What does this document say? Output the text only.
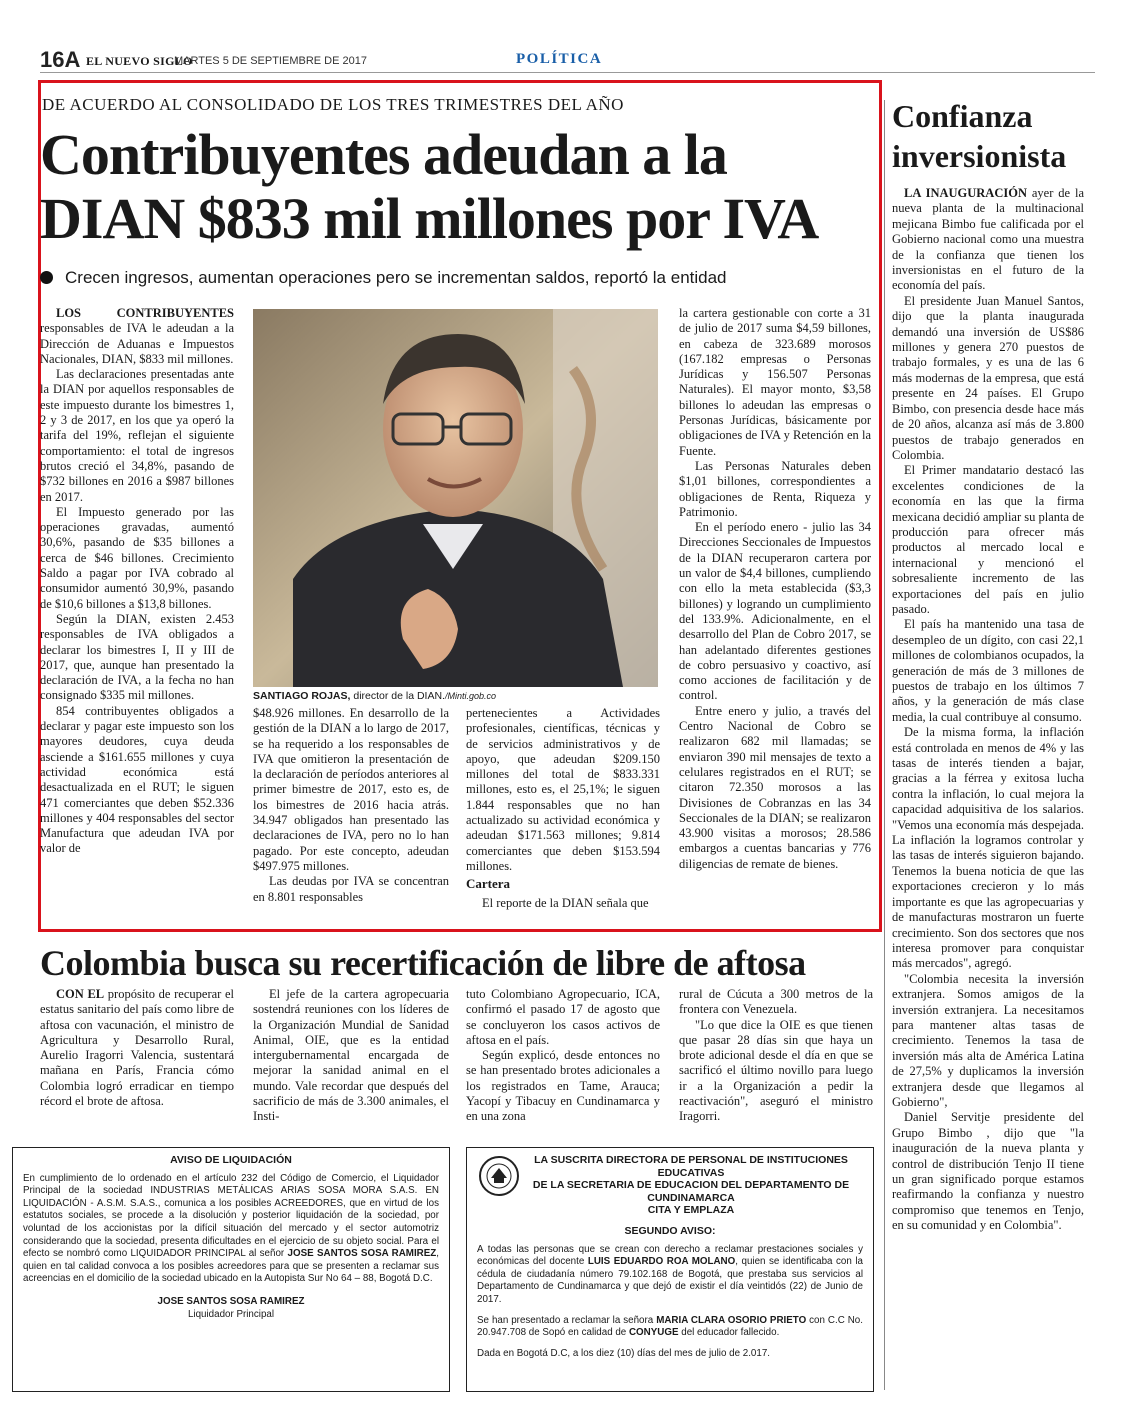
16A EL NUEVO SIGLO
MARTES 5 DE SEPTIEMBRE DE 2017	POLÍTICA
DE ACUERDO AL CONSOLIDADO DE LOS TRES TRIMESTRES DEL AÑO
Contribuyentes adeudan a la DIAN $833 mil millones por IVA
Crecen ingresos, aumentan operaciones pero se incrementan saldos, reportó la entidad

LOS CONTRIBUYENTES responsables de IVA le adeudan a la Dirección de Aduanas e Impuestos Nacionales, DIAN, $833 mil millones.

Las declaraciones presentadas ante la DIAN por aquellos responsables de este impuesto durante los bimestres 1, 2 y 3 de 2017, en los que ya operó la tarifa del 19%, reflejan el siguiente comportamiento: el total de ingresos brutos creció el 34,8%, pasando de $732 billones en 2016 a $987 billones en 2017.

El Impuesto generado por las operaciones gravadas, aumentó 30,6%, pasando de $35 billones a cerca de $46 billones. Crecimiento Saldo a pagar por IVA cobrado al consumidor aumentó 30,9%, pasando de $10,6 billones a $13,8 billones.

Según la DIAN, existen 2.453 responsables de IVA obligados a declarar los bimestres I, II y III de 2017, que, aunque han presentado la declaración de IVA, a la fecha no han consignado $335 mil millones.

854 contribuyentes obligados a declarar y pagar este impuesto son los mayores deudores, cuya deuda asciende a $161.655 millones y cuya actividad económica está desactualizada en el RUT; le siguen 471 comerciantes que deben $52.336 millones y 404 responsables del sector Manufactura que adeudan IVA por valor de

SANTIAGO ROJAS, director de la DIAN./Minti.gob.co

$48.926 millones. En desarrollo de la gestión de la DIAN a lo largo de 2017, se ha requerido a los responsables de IVA que omitieron la presentación de la declaración de períodos anteriores al primer bimestre de 2017, esto es, de los bimestres de 2016 hacia atrás. 34.947 obligados han presentado las declaraciones de IVA, pero no lo han pagado. Por este concepto, adeudan $497.975 millones.

Las deudas por IVA se concentran en 8.801 responsables

pertenecientes a Actividades profesionales, científicas, técnicas y de servicios administrativos y de apoyo, que adeudan $209.150 millones del total de $833.331 millones, esto es, el 25,1%; le siguen 1.844 responsables que no han actualizado su actividad económica y adeudan $171.563 millones; 9.814 comerciantes que deben $153.594 millones.

Cartera

El reporte de la DIAN señala que

la cartera gestionable con corte a 31 de julio de 2017 suma $4,59 billones, en cabeza de 323.689 morosos (167.182 empresas o Personas Jurídicas y 156.507 Personas Naturales). El mayor monto, $3,58 billones lo adeudan las empresas o Personas Jurídicas, básicamente por obligaciones de IVA y Retención en la Fuente.

Las Personas Naturales deben $1,01 billones, correspondientes a obligaciones de Renta, Riqueza y Patrimonio.

En el período enero - julio las 34 Direcciones Seccionales de Impuestos de la DIAN recuperaron cartera por un valor de $4,4 billones, cumpliendo con ello la meta establecida ($3,3 billones) y logrando un cumplimiento del 133.9%. Adicionalmente, en el desarrollo del Plan de Cobro 2017, se han adelantado diferentes gestiones de cobro persuasivo y coactivo, así como acciones de facilitación y de control.

Entre enero y julio, a través del Centro Nacional de Cobro se realizaron 682 mil llamadas; se enviaron 390 mil mensajes de texto a celulares registrados en el RUT; se citaron 72.350 morosos a las Divisiones de Cobranzas en las 34 Seccionales de la DIAN; se realizaron 43.900 visitas a morosos; 28.586 embargos a cuentas bancarias y 776 diligencias de remate de bienes.

Confianza inversionista

LA INAUGURACIÓN ayer de la nueva planta de la multinacional mejicana Bimbo fue calificada por el Gobierno nacional como una muestra de la confianza que tienen los inversionistas en el futuro de la economía del país.

El presidente Juan Manuel Santos, dijo que la planta inaugurada demandó una inversión de US$86 millones y genera 270 puestos de trabajo formales, y es una de las 6 más modernas de la empresa, que está presente en 24 países. El Grupo Bimbo, con presencia desde hace más de 20 años, alcanza así más de 3.800 puestos de trabajo generados en Colombia.

El Primer mandatario destacó las excelentes condiciones de la economía en las que la firma mexicana decidió ampliar su planta de producción para ofrecer más productos al mercado local e internacional y mencionó el sobresaliente incremento de las exportaciones del país en julio pasado.

El país ha mantenido una tasa de desempleo de un dígito, con casi 22,1 millones de colombianos ocupados, la generación de más de 3 millones de puestos de trabajo en los últimos 7 años, y la generación de más clase media, la cual contribuye al consumo.

De la misma forma, la inflación está controlada en menos de 4% y las tasas de interés tienden a bajar, gracias a la férrea y exitosa lucha contra la inflación, lo cual mejora la capacidad adquisitiva de los salarios. "Vemos una economía más despejada. La inflación la logramos controlar y las tasas de interés siguieron bajando. Tenemos la buena noticia de que las exportaciones crecieron y lo más importante es que las agropecuarias y de manufacturas mostraron un fuerte crecimiento. Son dos sectores que nos interesa promover para conquistar más mercados", agregó.

"Colombia necesita la inversión extranjera. Somos amigos de la inversión extranjera. La necesitamos para mantener altas tasas de crecimiento. Tenemos la tasa de inversión más alta de América Latina de 27,5% y duplicamos la inversión extranjera desde que llegamos al Gobierno",

Daniel Servitje presidente del Grupo Bimbo , dijo que "la inauguración de la nueva planta y control de distribución Tenjo II tiene un gran significado porque estamos reafirmando la confianza y nuestro compromiso que tenemos en Tenjo, en su comunidad y en Colombia".

Colombia busca su recertificación de libre de aftosa

CON EL propósito de recuperar el estatus sanitario del país como libre de aftosa con vacunación, el ministro de Agricultura y Desarrollo Rural, Aurelio Iragorri Valencia, sustentará mañana en París, Francia cómo Colombia logró erradicar en tiempo récord el brote de aftosa.

El jefe de la cartera agropecuaria sostendrá reuniones con los líderes de la Organización Mundial de Sanidad Animal, OIE, que es la entidad intergubernamental encargada de mejorar la sanidad animal en el mundo. Vale recordar que después del sacrificio de más de 3.300 animales, el Insti-

tuto Colombiano Agropecuario, ICA, confirmó el pasado 17 de agosto que se concluyeron los casos activos de aftosa en el país.

Según explicó, desde entonces no se han presentado brotes adicionales a los registrados en Tame, Arauca; Yacopí y Tibacuy en Cundinamarca y en una zona

rural de Cúcuta a 300 metros de la frontera con Venezuela.

"Lo que dice la OIE es que tienen que pasar 28 días sin que haya un brote adicional desde el día en que se sacrificó el último novillo para luego ir a la Organización a pedir la reactivación", aseguró el ministro Iragorri.

AVISO DE LIQUIDACIÓN
En cumplimiento de lo ordenado en el artículo 232 del Código de Comercio, el Liquidador Principal de la sociedad INDUSTRIAS METÁLICAS ARIAS SOSA MORA S.A.S. EN LIQUIDACIÓN - A.S.M. S.A.S., comunica a los posibles ACREEDORES, que en virtud de los estatutos sociales, se procede a la disolución y posterior liquidación de la sociedad, por voluntad de los accionistas por la difícil situación del mercado y el sector automotriz considerando que la sociedad, presenta dificultades en el ejercicio de su objeto social. Para el efecto se nombró como LIQUIDADOR PRINCIPAL al señor JOSE SANTOS SOSA RAMIREZ, quien en tal calidad convoca a los posibles acreedores para que se presenten a reclamar sus acreencias en el domicilio de la sociedad ubicado en la Autopista Sur No 64 – 88, Bogotá D.C.
JOSE SANTOS SOSA RAMIREZ
Liquidador Principal
LA SUSCRITA DIRECTORA DE PERSONAL DE INSTITUCIONES EDUCATIVAS
DE LA SECRETARIA DE EDUCACION DEL DEPARTAMENTO DE
CUNDINAMARCA
CITA Y EMPLAZA
SEGUNDO AVISO:
A todas las personas que se crean con derecho a reclamar prestaciones sociales y económicas del docente LUIS EDUARDO ROA MOLANO, quien se identificaba con la cédula de ciudadanía número 79.102.168 de Bogotá, que prestaba sus servicios al Departamento de Cundinamarca y que dejó de existir el día veintidós (22) de Junio de 2017.
Se han presentado a reclamar la señora MARIA CLARA OSORIO PRIETO con C.C No. 20.947.708 de Sopó en calidad de CONYUGE del educador fallecido.
Dada en Bogotá D.C, a los diez (10) días del mes de julio de 2.017.
